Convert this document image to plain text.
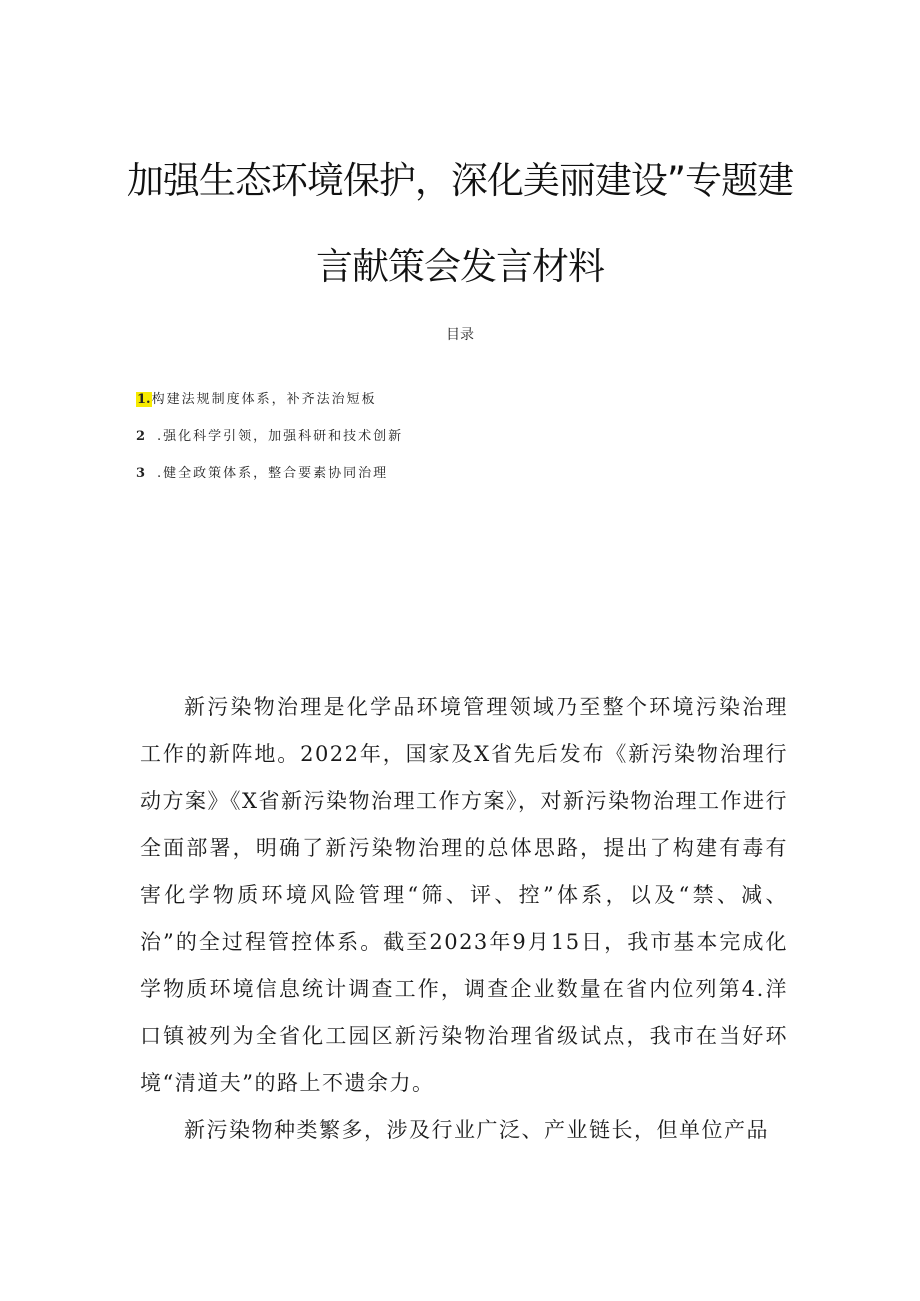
加强生态环境保护，深化美丽建设”专题建
言献策会发言材料
目录
1.构建法规制度体系，补齐法治短板
2 .强化科学引领，加强科研和技术创新
3 .健全政策体系，整合要素协同治理

新污染物治理是化学品环境管理领域乃至整个环境污染治理工作的新阵地。2022年，国家及X省先后发布《新污染物治理行动方案》《X省新污染物治理工作方案》，对新污染物治理工作进行全面部署，明确了新污染物治理的总体思路，提出了构建有毒有害化学物质环境风险管理“筛、评、控”体系，以及“禁、减、治”的全过程管控体系。截至2023年9月15日，我市基本完成化学物质环境信息统计调查工作，调查企业数量在省内位列第4.洋口镇被列为全省化工园区新污染物治理省级试点，我市在当好环境“清道夫”的路上不遗余力。

新污染物种类繁多，涉及行业广泛、产业链长，但单位产品
